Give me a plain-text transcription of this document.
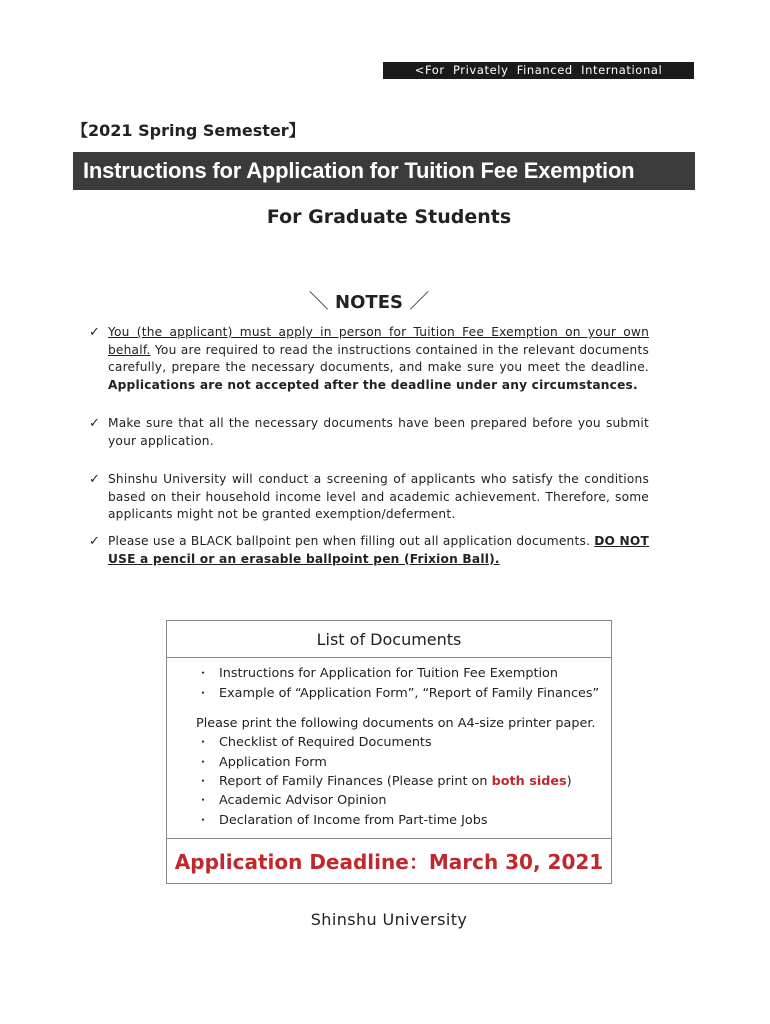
<For Privately Financed International Students>
【2021 Spring Semester】
Instructions for Application for Tuition Fee Exemption
For Graduate Students
＼ NOTES ／
✓ You (the applicant) must apply in person for Tuition Fee Exemption on your own behalf. You are required to read the instructions contained in the relevant documents carefully, prepare the necessary documents, and make sure you meet the deadline. Applications are not accepted after the deadline under any circumstances.
✓ Make sure that all the necessary documents have been prepared before you submit your application.
✓ Shinshu University will conduct a screening of applicants who satisfy the conditions based on their household income level and academic achievement. Therefore, some applicants might not be granted exemption/deferment.
✓ Please use a BLACK ballpoint pen when filling out all application documents. DO NOT USE a pencil or an erasable ballpoint pen (Frixion Ball).
List of Documents
・ Instructions for Application for Tuition Fee Exemption
・ Example of “Application Form”, “Report of Family Finances”
Please print the following documents on A4-size printer paper.
・ Checklist of Required Documents
・ Application Form
・ Report of Family Finances (Please print on both sides)
・ Academic Advisor Opinion
・ Declaration of Income from Part-time Jobs
Application Deadline：March 30, 2021
Shinshu University
